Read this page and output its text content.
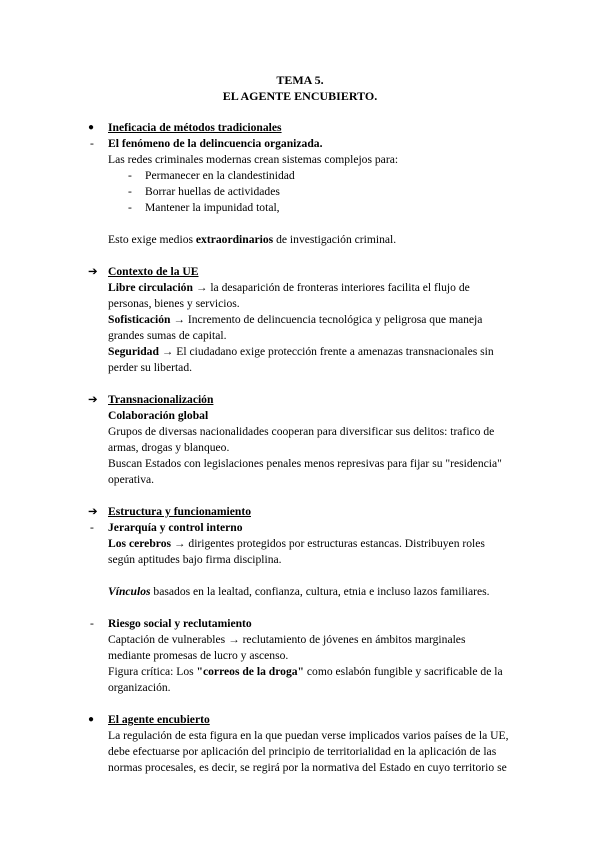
TEMA 5.
EL AGENTE ENCUBIERTO.
● Ineficacia de métodos tradicionales
- El fenómeno de la delincuencia organizada.
Las redes criminales modernas crean sistemas complejos para:
- Permanecer en la clandestinidad
- Borrar huellas de actividades
- Mantener la impunidad total,
Esto exige medios extraordinarios de investigación criminal.
➔ Contexto de la UE
Libre circulación → la desaparición de fronteras interiores facilita el flujo de
personas, bienes y servicios.
Sofisticación → Incremento de delincuencia tecnológica y peligrosa que maneja
grandes sumas de capital.
Seguridad → El ciudadano exige protección frente a amenazas transnacionales sin
perder su libertad.
➔ Transnacionalización
Colaboración global
Grupos de diversas nacionalidades cooperan para diversificar sus delitos: trafico de
armas, drogas y blanqueo.
Buscan Estados con legislaciones penales menos represivas para fijar su "residencia"
operativa.
➔ Estructura y funcionamiento
- Jerarquía y control interno
Los cerebros → dirigentes protegidos por estructuras estancas. Distribuyen roles
según aptitudes bajo firma disciplina.
Vínculos basados en la lealtad, confianza, cultura, etnia e incluso lazos familiares.
- Riesgo social y reclutamiento
Captación de vulnerables → reclutamiento de jóvenes en ámbitos marginales
mediante promesas de lucro y ascenso.
Figura crítica: Los "correos de la droga" como eslabón fungible y sacrificable de la
organización.
● El agente encubierto
La regulación de esta figura en la que puedan verse implicados varios países de la UE,
debe efectuarse por aplicación del principio de territorialidad en la aplicación de las
normas procesales, es decir, se regirá por la normativa del Estado en cuyo territorio se
